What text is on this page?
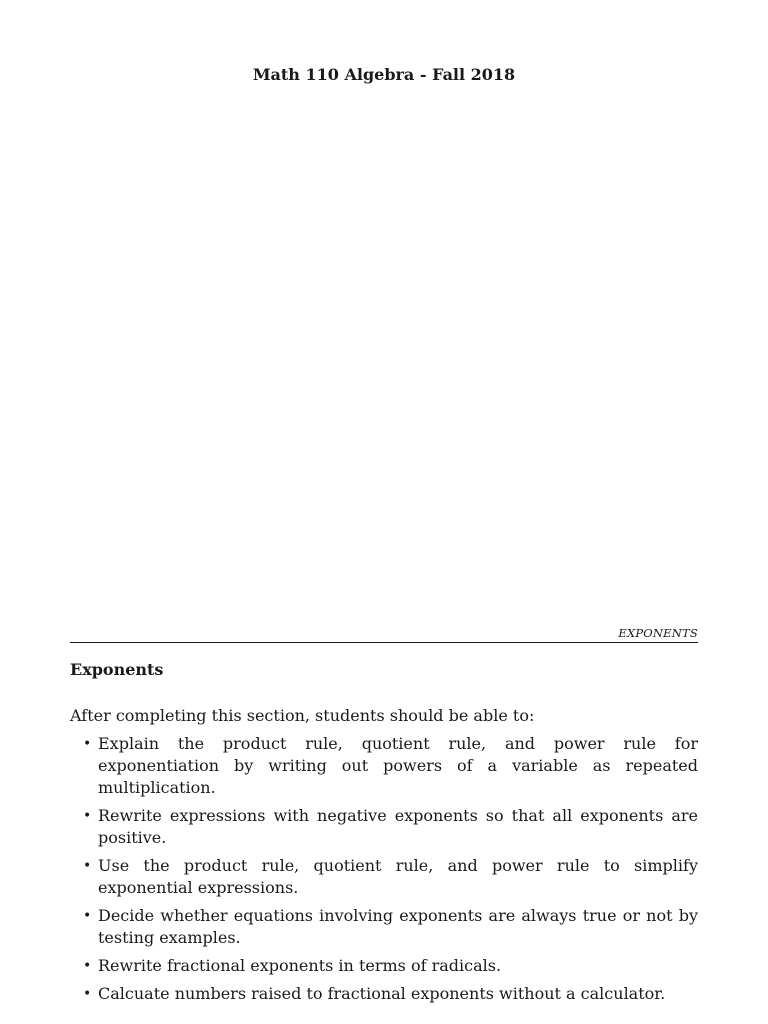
Math 110 Algebra - Fall 2018
EXPONENTS
Exponents
After completing this section, students should be able to:
• Explain the product rule, quotient rule, and power rule for exponentiation by writing out powers of a variable as repeated multiplication.
• Rewrite expressions with negative exponents so that all exponents are positive.
• Use the product rule, quotient rule, and power rule to simplify exponential expressions.
• Decide whether equations involving exponents are always true or not by testing examples.
• Rewrite fractional exponents in terms of radicals.
• Calcuate numbers raised to fractional exponents without a calculator.
